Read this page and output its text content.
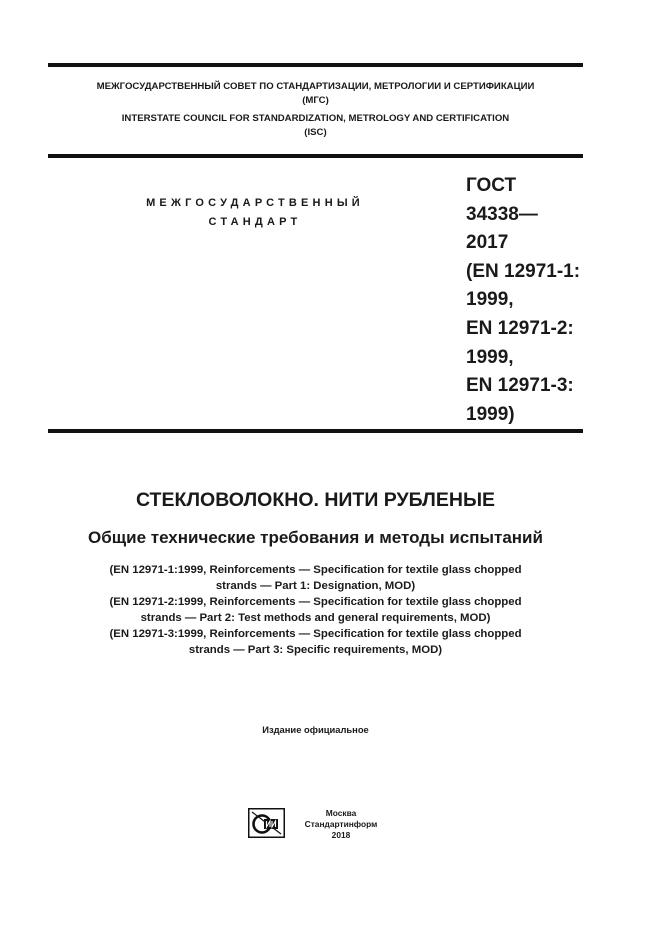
МЕЖГОСУДАРСТВЕННЫЙ СОВЕТ ПО СТАНДАРТИЗАЦИИ, МЕТРОЛОГИИ И СЕРТИФИКАЦИИ
(МГС)
INTERSTATE COUNCIL FOR STANDARDIZATION, METROLOGY AND CERTIFICATION
(ISC)
МЕЖГОСУДАРСТВЕННЫЙ
СТАНДАРТ
ГОСТ
34338—
2017
(EN 12971-1:
1999,
EN 12971-2:
1999,
EN 12971-3:
1999)
СТЕКЛОВОЛОКНО. НИТИ РУБЛЕНЫЕ
Общие технические требования и методы испытаний
(EN 12971-1:1999, Reinforcements — Specification for textile glass chopped
strands — Part 1: Designation, MOD)
(EN 12971-2:1999, Reinforcements — Specification for textile glass chopped
strands — Part 2: Test methods and general requirements, MOD)
(EN 12971-3:1999, Reinforcements — Specification for textile glass chopped
strands — Part 3: Specific requirements, MOD)
Издание официальное
Москва
Стандартинформ
2018
